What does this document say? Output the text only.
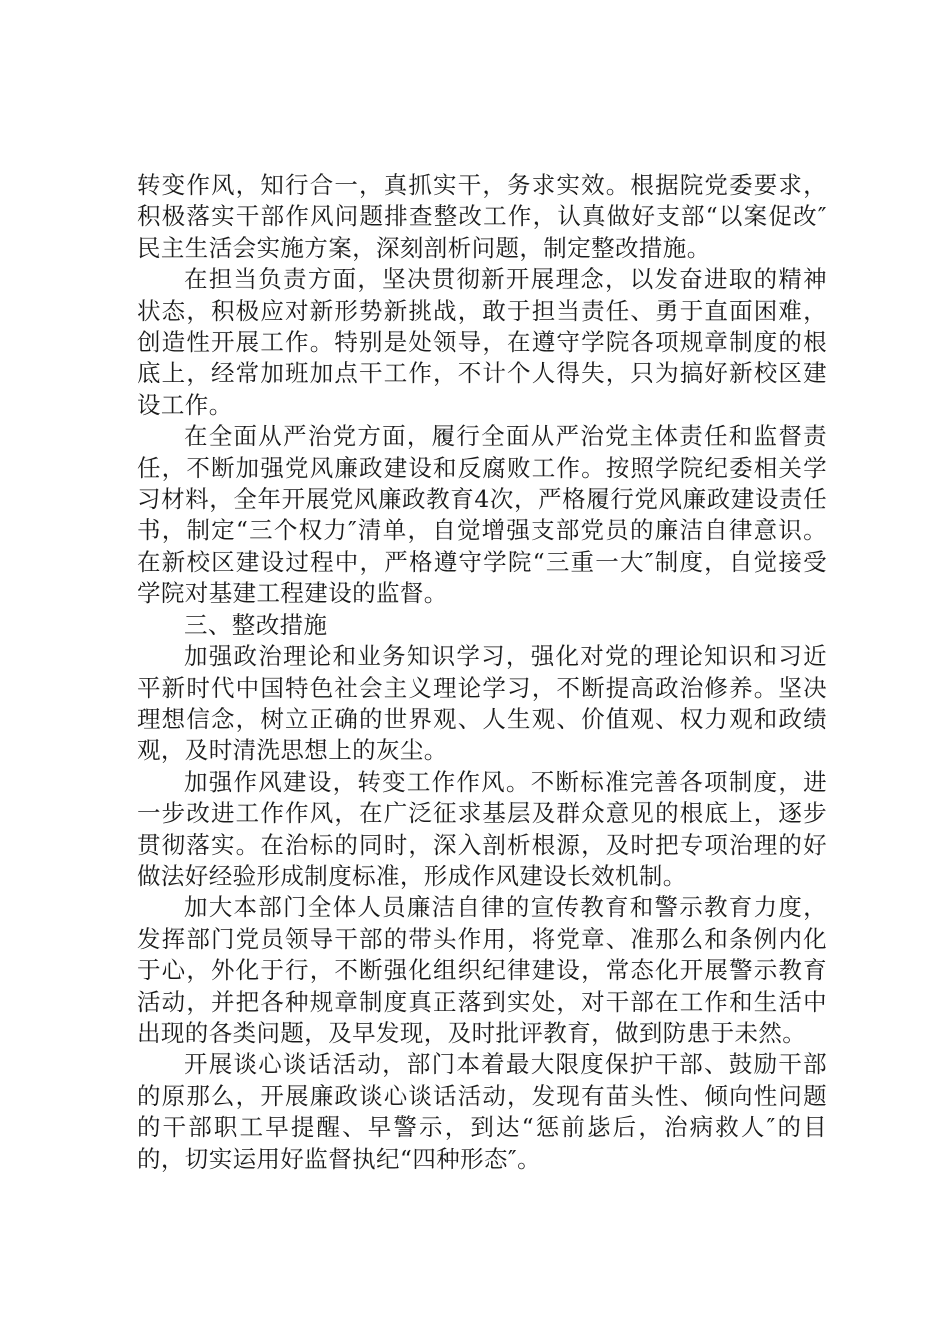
转变作风，知行合一，真抓实干，务求实效。根据院党委要求，积极落实干部作风问题排查整改工作，认真做好支部“以案促改″民主生活会实施方案，深刻剖析问题，制定整改措施。

在担当负责方面，坚决贯彻新开展理念，以发奋进取的精神状态，积极应对新形势新挑战，敢于担当责任、勇于直面困难，创造性开展工作。特别是处领导，在遵守学院各项规章制度的根底上，经常加班加点干工作，不计个人得失，只为搞好新校区建设工作。

在全面从严治党方面，履行全面从严治党主体责任和监督责任，不断加强党风廉政建设和反腐败工作。按照学院纪委相关学习材料，全年开展党风廉政教育4次，严格履行党风廉政建设责任书，制定“三个权力″清单，自觉增强支部党员的廉洁自律意识。在新校区建设过程中，严格遵守学院“三重一大″制度，自觉接受学院对基建工程建设的监督。

三、整改措施

加强政治理论和业务知识学习，强化对党的理论知识和习近平新时代中国特色社会主义理论学习，不断提高政治修养。坚决理想信念，树立正确的世界观、人生观、价值观、权力观和政绩观，及时清洗思想上的灰尘。

加强作风建设，转变工作作风。不断标准完善各项制度，进一步改进工作作风，在广泛征求基层及群众意见的根底上，逐步贯彻落实。在治标的同时，深入剖析根源，及时把专项治理的好做法好经验形成制度标准，形成作风建设长效机制。

加大本部门全体人员廉洁自律的宣传教育和警示教育力度，发挥部门党员领导干部的带头作用，将党章、准那么和条例内化于心，外化于行，不断强化组织纪律建设，常态化开展警示教育活动，并把各种规章制度真正落到实处，对干部在工作和生活中出现的各类问题，及早发现，及时批评教育，做到防患于未然。

开展谈心谈话活动，部门本着最大限度保护干部、鼓励干部的原那么，开展廉政谈心谈话活动，发现有苗头性、倾向性问题的干部职工早提醒、早警示，到达“惩前毖后，治病救人″的目的，切实运用好监督执纪“四种形态″。
